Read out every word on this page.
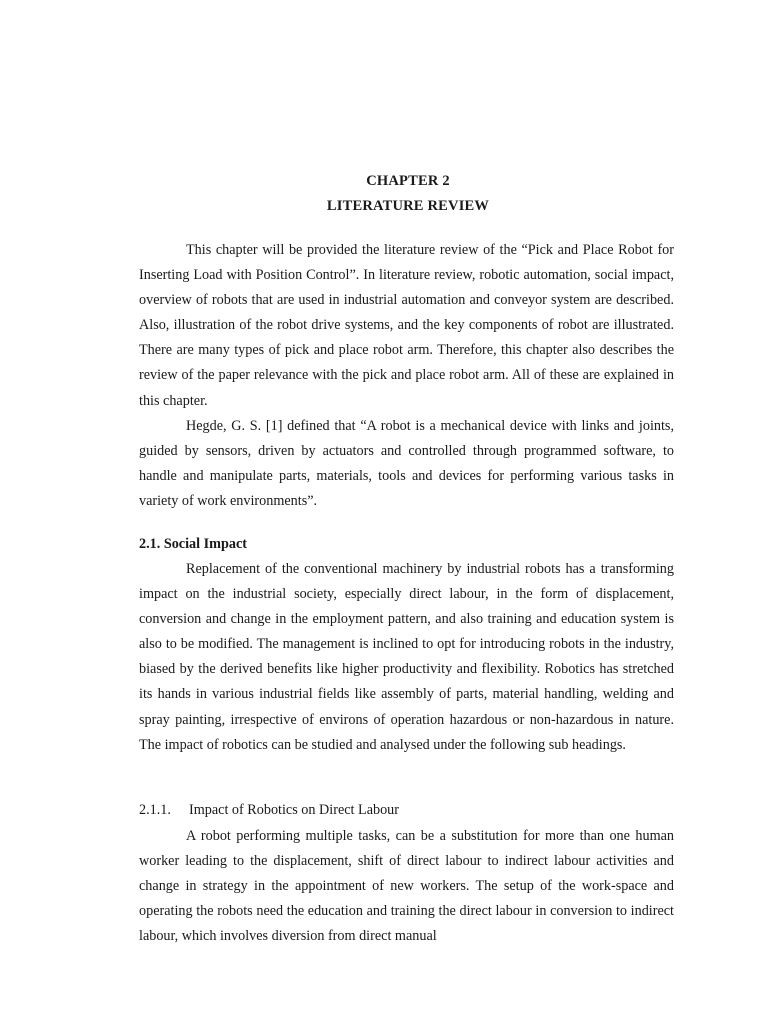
CHAPTER 2
LITERATURE REVIEW

This chapter will be provided the literature review of the “Pick and Place Robot for Inserting Load with Position Control”. In literature review, robotic automation, social impact, overview of robots that are used in industrial automation and conveyor system are described. Also, illustration of the robot drive systems, and the key components of robot are illustrated. There are many types of pick and place robot arm. Therefore, this chapter also describes the review of the paper relevance with the pick and place robot arm. All of these are explained in this chapter.

Hegde, G. S. [1] defined that “A robot is a mechanical device with links and joints, guided by sensors, driven by actuators and controlled through programmed software, to handle and manipulate parts, materials, tools and devices for performing various tasks in variety of work environments”.

2.1. Social Impact

Replacement of the conventional machinery by industrial robots has a transforming impact on the industrial society, especially direct labour, in the form of displacement, conversion and change in the employment pattern, and also training and education system is also to be modified. The management is inclined to opt for introducing robots in the industry, biased by the derived benefits like higher productivity and flexibility. Robotics has stretched its hands in various industrial fields like assembly of parts, material handling, welding and spray painting, irrespective of environs of operation hazardous or non-hazardous in nature. The impact of robotics can be studied and analysed under the following sub headings.

2.1.1. Impact of Robotics on Direct Labour

A robot performing multiple tasks, can be a substitution for more than one human worker leading to the displacement, shift of direct labour to indirect labour activities and change in strategy in the appointment of new workers. The setup of the work-space and operating the robots need the education and training the direct labour in conversion to indirect labour, which involves diversion from direct manual
